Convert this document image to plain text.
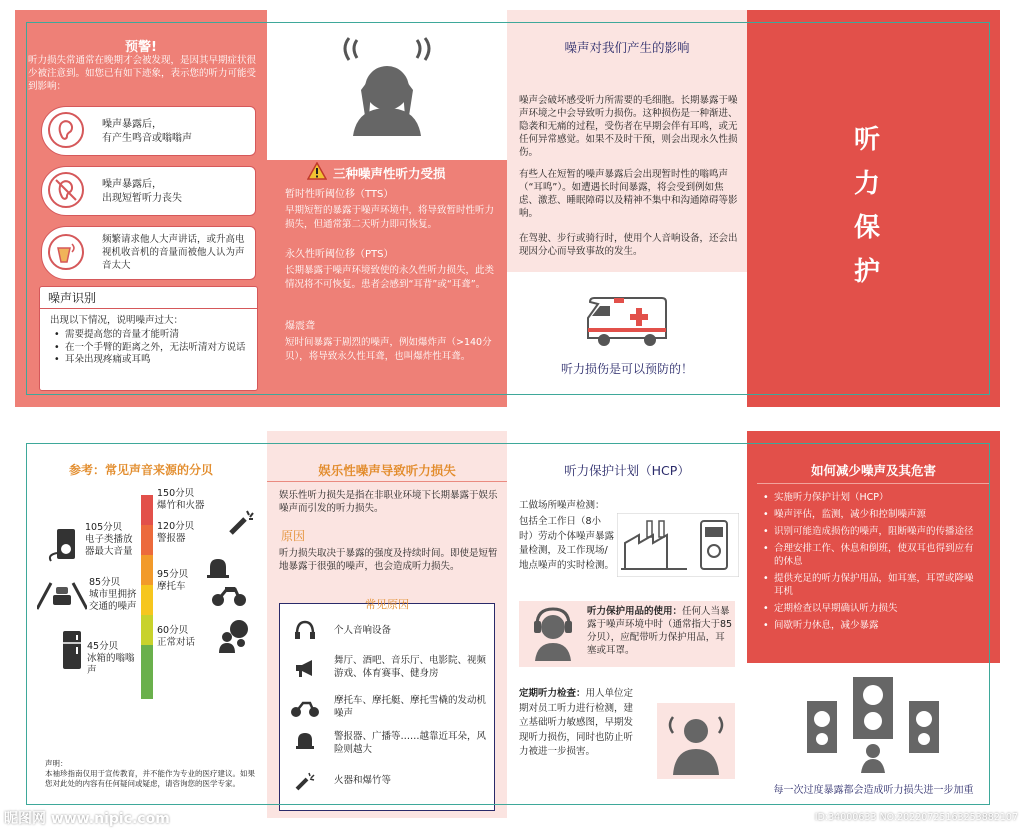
预警!
听力损失常通常在晚期才会被发现，是因其早期症状很少被注意到。如您已有如下迹象，表示您的听力可能受到影响：
噪声暴露后，
有产生鸣音或嗡嗡声
噪声暴露后，
出现短暂听力丧失
频繁请求他人大声讲话，或升高电视机收音机的音量而被他人认为声音太大
噪声识别
出现以下情况，说明噪声过大：
• 需要提高您的音量才能听清
• 在一个手臂的距离之外，无法听清对方说话
• 耳朵出现疼痛或耳鸣
三种噪声性听力受损
暂时性听阈位移（TTS）
早期短暂的暴露于噪声环境中，将导致暂时性听力损失，但通常第二天听力即可恢复。
永久性听阈位移（PTS）
长期暴露于噪声环境致使的永久性听力损失，此类情况将不可恢复。患者会感到“耳背”或“耳聋”。
爆震聋
短时间暴露于剧烈的噪声，例如爆炸声（>140分贝），将导致永久性耳聋，也叫爆炸性耳聋。
噪声对我们产生的影响
噪声会破坏感受听力所需要的毛细胞。长期暴露于噪声环境之中会导致听力损伤。这种损伤是一种渐进、隐袭和无痛的过程，受伤者在早期会伴有耳鸣，或无任何异常感觉。如果不及时干预，则会出现永久性损伤。
有些人在短暂的噪声暴露后会出现暂时性的嗡鸣声（“耳鸣”）。如遭遇长时间暴露，将会受到例如焦虑、激惹、睡眠障碍以及精神不集中和沟通障碍等影响。
在驾驶、步行或骑行时，使用个人音响设备，还会出现因分心而导致事故的发生。
听力损伤是可以预防的！
听
力
保
护
参考：常见声音来源的分贝
150分贝
爆竹和火器
120分贝
警报器
105分贝
电子类播放器最大音量
95分贝
摩托车
85分贝
城市里拥挤交通的噪声
60分贝
正常对话
45分贝
冰箱的嗡嗡声
声明：
本袖珍指南仅用于宣传教育，并不能作为专业的医疗建议。如果您对此处的内容有任何疑问或疑虑，请咨询您的医学专家。
娱乐性噪声导致听力损失
娱乐性听力损失是指在非职业环境下长期暴露于娱乐噪声而引发的听力损失。
原因
听力损失取决于暴露的强度及持续时间。即使是短暂地暴露于很强的噪声，也会造成听力损失。
常见原因
个人音响设备
舞厅、酒吧、音乐厅、电影院、视频游戏、体育赛事、健身房
摩托车、摩托艇、摩托雪橇的发动机噪声
警报器、广播等……越靠近耳朵，风险则越大
火器和爆竹等
听力保护计划（HCP）
工做场所噪声检测：
包括全工作日（8小时）劳动个体噪声暴露量检测，及工作现场/地点噪声的实时检测。
听力保护用品的使用：任何人当暴露于噪声环境中时（通常指大于85分贝），应配带听力保护用品，耳塞或耳罩。
定期听力检查：用人单位定期对员工听力进行检测，建立基础听力敏感图，早期发现听力损伤，同时也防止听力被进一步损害。
如何减少噪声及其危害
• 实施听力保护计划（HCP）
• 噪声评估，监测，减少和控制噪声源
• 识别可能造成损伤的噪声，阻断噪声的传播途径
• 合理安排工作、休息和倒班，使双耳也得到应有的休息
• 提供充足的听力保护用品，如耳塞，耳罩或降噪耳机
• 定期检查以早期确认听力损失
• 间歇听力休息，减少暴露
每一次过度暴露都会造成听力损失进一步加重
昵图网 www.nipic.com	ID:34000633 NO:20220725163253882107
